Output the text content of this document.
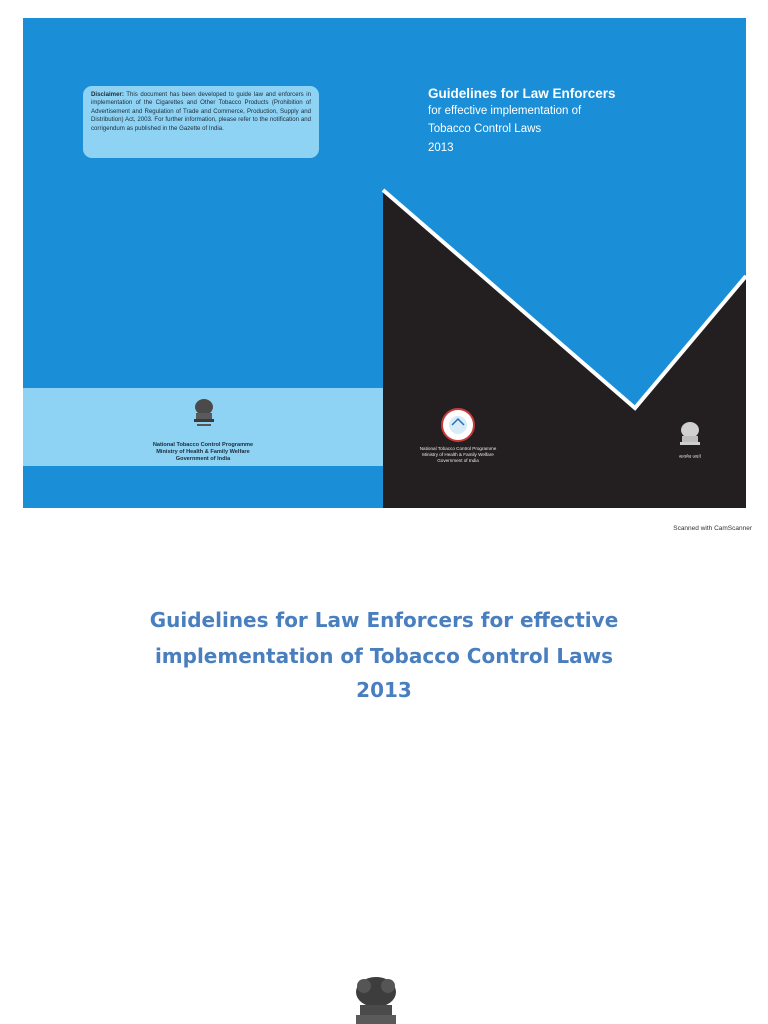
Disclaimer: This document has been developed to guide law and enforcers in implementation of the Cigarettes and Other Tobacco Products (Prohibition of Advertisement and Regulation of Trade and Commerce, Production, Supply and Distribution) Act, 2003. For further information, please refer to the notification and corrigendum as published in the Gazette of India.
Guidelines for Law Enforcers
for effective implementation of
Tobacco Control Laws
2013
National Tobacco Control Programme
Ministry of Health & Family Welfare
Government of India
National Tobacco Control Programme
Ministry of Health & Family Welfare
Government of India
सत्यमेव जयते
Scanned with CamScanner
Guidelines for Law Enforcers for effective
implementation of Tobacco Control Laws
2013
